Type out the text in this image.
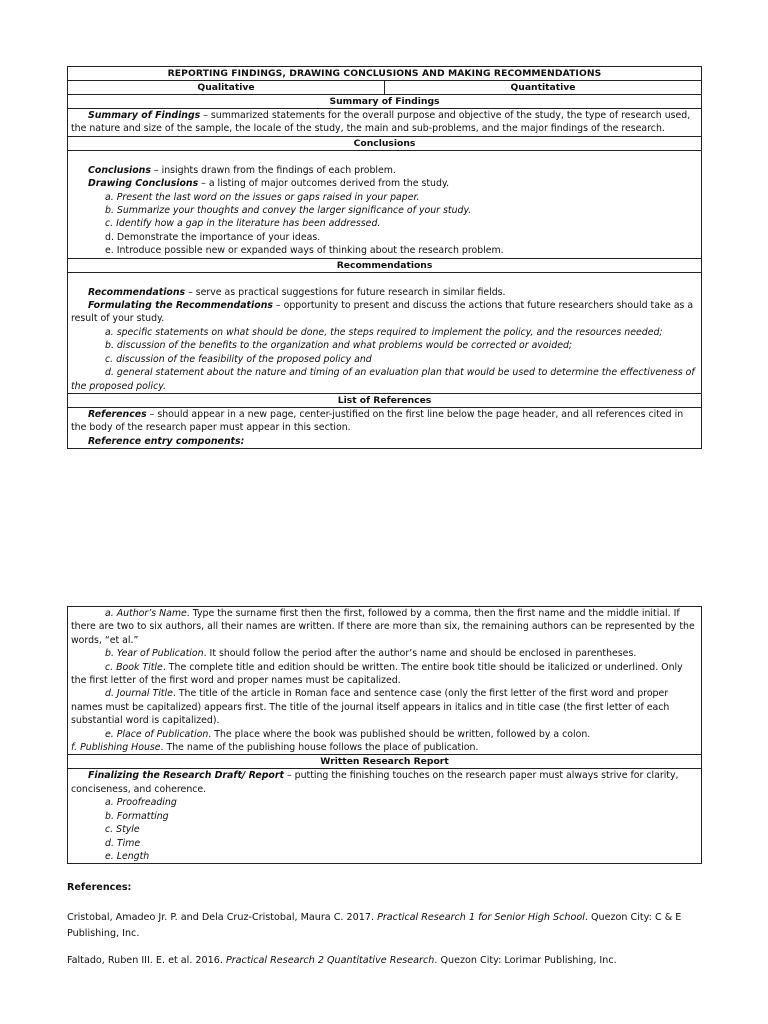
REPORTING FINDINGS, DRAWING CONCLUSIONS AND MAKING RECOMMENDATIONS
Qualitative	Quantitative
Summary of Findings

Summary of Findings – summarized statements for the overall purpose and objective of the study, the type of research used, the nature and size of the sample, the locale of the study, the main and sub-problems, and the major findings of the research.

Conclusions

Conclusions – insights drawn from the findings of each problem.

Drawing Conclusions – a listing of major outcomes derived from the study.

a. Present the last word on the issues or gaps raised in your paper.

b. Summarize your thoughts and convey the larger significance of your study.

c. Identify how a gap in the literature has been addressed.

d. Demonstrate the importance of your ideas.

e. Introduce possible new or expanded ways of thinking about the research problem.

Recommendations

Recommendations – serve as practical suggestions for future research in similar fields.

Formulating the Recommendations – opportunity to present and discuss the actions that future researchers should take as a result of your study.

a. specific statements on what should be done, the steps required to implement the policy, and the resources needed;

b. discussion of the benefits to the organization and what problems would be corrected or avoided;

c. discussion of the feasibility of the proposed policy and

d. general statement about the nature and timing of an evaluation plan that would be used to determine the effectiveness of the proposed policy.

List of References

References – should appear in a new page, center-justified on the first line below the page header, and all references cited in the body of the research paper must appear in this section.

Reference entry components:

a. Author’s Name. Type the surname first then the first, followed by a comma, then the first name and the middle initial. If there are two to six authors, all their names are written. If there are more than six, the remaining authors can be represented by the words, “et al.”

b. Year of Publication. It should follow the period after the author’s name and should be enclosed in parentheses.

c. Book Title. The complete title and edition should be written. The entire book title should be italicized or underlined. Only the first letter of the first word and proper names must be capitalized.

d. Journal Title. The title of the article in Roman face and sentence case (only the first letter of the first word and proper names must be capitalized) appears first. The title of the journal itself appears in italics and in title case (the first letter of each substantial word is capitalized).

e. Place of Publication. The place where the book was published should be written, followed by a colon.

f. Publishing House. The name of the publishing house follows the place of publication.

Written Research Report

Finalizing the Research Draft/ Report – putting the finishing touches on the research paper must always strive for clarity, conciseness, and coherence.

a. Proofreading

b. Formatting

c. Style

d. Time

e. Length

References:

Cristobal, Amadeo Jr. P. and Dela Cruz-Cristobal, Maura C. 2017. Practical Research 1 for Senior High School. Quezon City: C & E Publishing, Inc.

Faltado, Ruben III. E. et al. 2016. Practical Research 2 Quantitative Research. Quezon City: Lorimar Publishing, Inc.
